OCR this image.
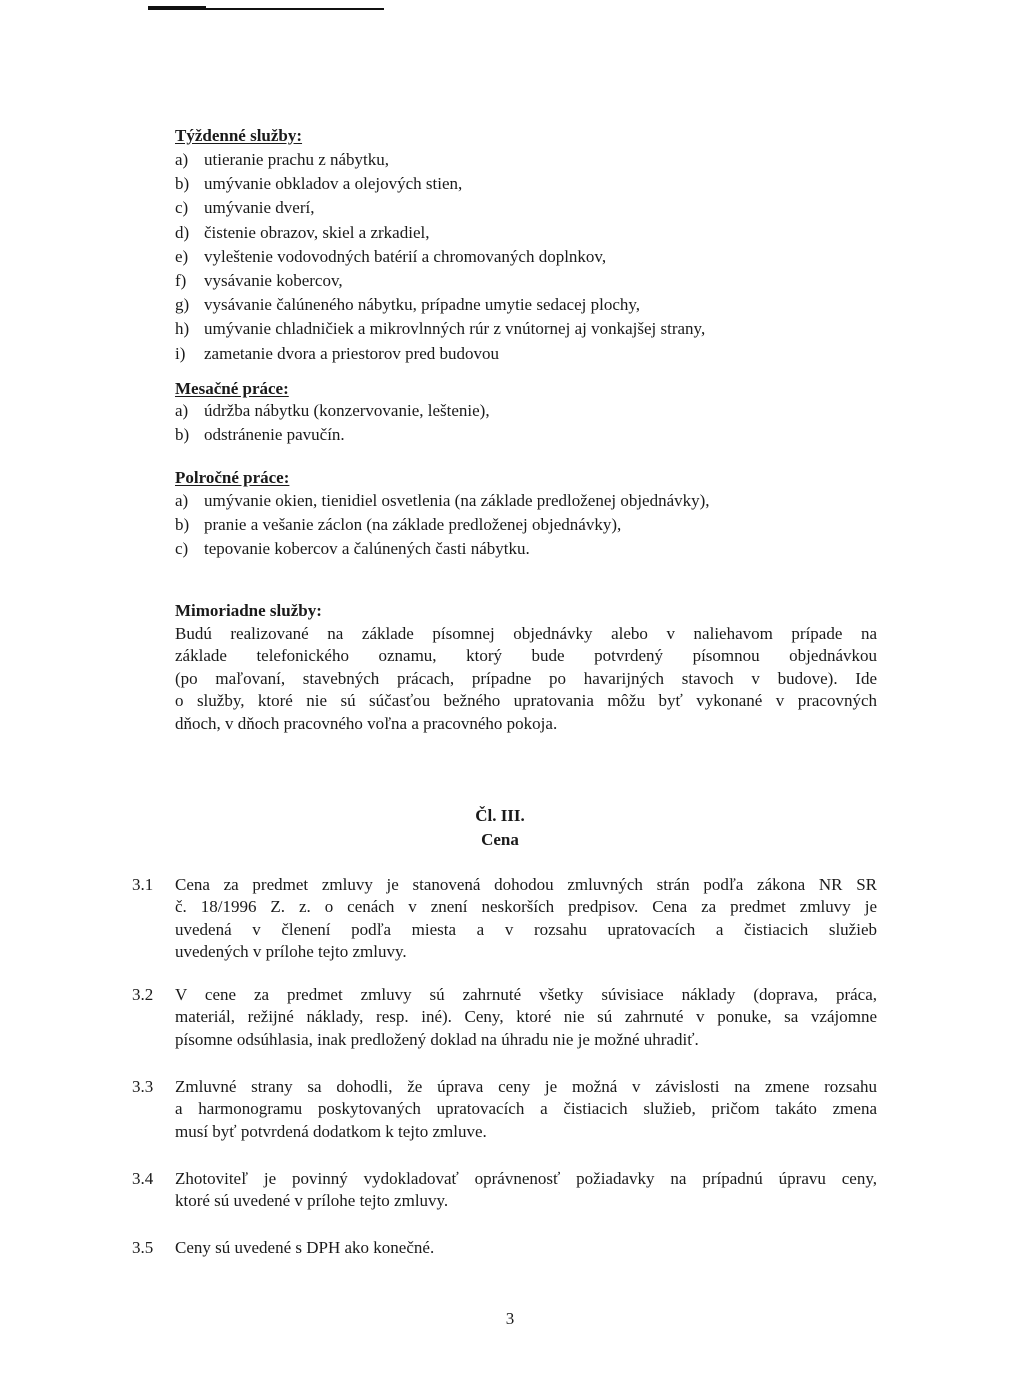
Týždenné služby:

a) utieranie prachu z nábytku,
b) umývanie obkladov a olejových stien,
c) umývanie dverí,
d) čistenie obrazov, skiel a zrkadiel,
e) vyleštenie vodovodných batérií a chromovaných doplnkov,
f) vysávanie kobercov,
g) vysávanie čalúneného nábytku, prípadne umytie sedacej plochy,
h) umývanie chladničiek a mikrovlnných rúr z vnútornej aj vonkajšej strany,
i) zametanie dvora a priestorov pred budovou

Mesačné práce:

a) údržba nábytku (konzervovanie, leštenie),
b) odstránenie pavučín.

Polročné práce:

a) umývanie okien, tienidiel osvetlenia (na základe predloženej objednávky),
b) pranie a vešanie záclon (na základe predloženej objednávky),
c) tepovanie kobercov a čalúnených časti nábytku.

Mimoriadne služby:

Budú realizované na základe písomnej objednávky alebo v naliehavom prípade na
základe telefonického oznamu, ktorý bude potvrdený písomnou objednávkou
(po maľovaní, stavebných prácach, prípadne po havarijných stavoch v budove). Ide
o služby, ktoré nie sú súčasťou bežného upratovania môžu byť vykonané v pracovných
dňoch, v dňoch pracovného voľna a pracovného pokoja.

Čl. III.

Cena

3.1 Cena za predmet zmluvy je stanovená dohodou zmluvných strán podľa zákona NR SR
č. 18/1996 Z. z. o cenách v znení neskorších predpisov. Cena za predmet zmluvy je
uvedená v členení podľa miesta a v rozsahu upratovacích a čistiacich služieb
uvedených v prílohe tejto zmluvy.

3.2 V cene za predmet zmluvy sú zahrnuté všetky súvisiace náklady (doprava, práca,
materiál, režijné náklady, resp. iné). Ceny, ktoré nie sú zahrnuté v ponuke, sa vzájomne
písomne odsúhlasia, inak predložený doklad na úhradu nie je možné uhradiť.

3.3 Zmluvné strany sa dohodli, že úprava ceny je možná v závislosti na zmene rozsahu
a harmonogramu poskytovaných upratovacích a čistiacich služieb, pričom takáto zmena
musí byť potvrdená dodatkom k tejto zmluve.

3.4 Zhotoviteľ je povinný vydokladovať oprávnenosť požiadavky na prípadnú úpravu ceny,
ktoré sú uvedené v prílohe tejto zmluvy.

3.5 Ceny sú uvedené s DPH ako konečné.

3
